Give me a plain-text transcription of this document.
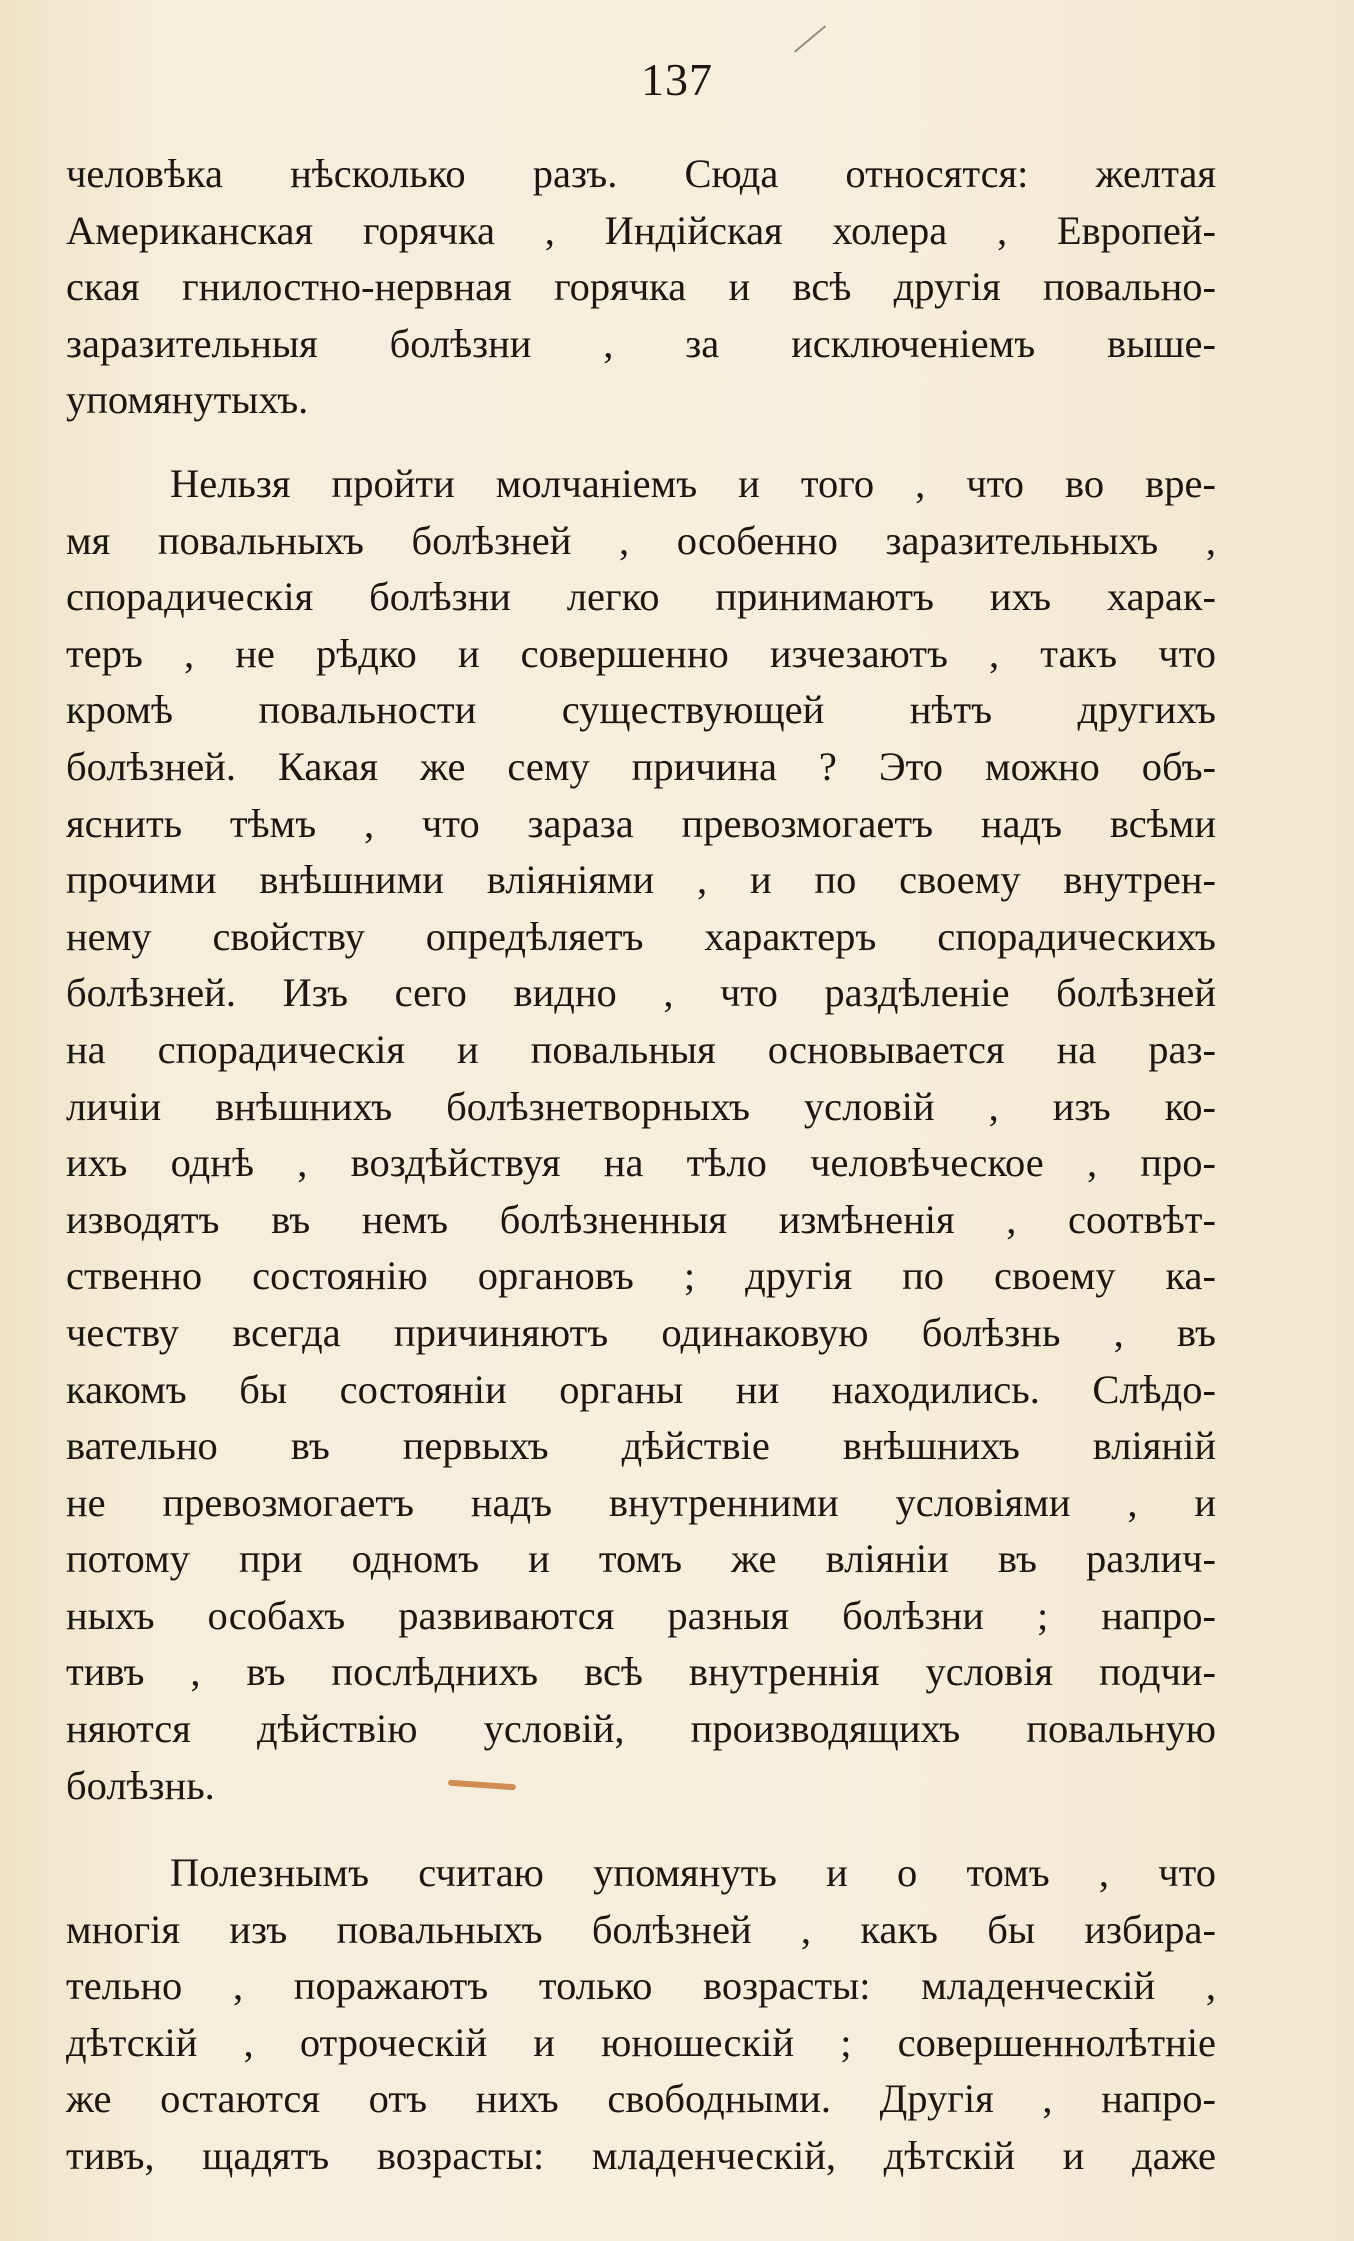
137
человѣка нѣсколько разъ. Сюда относятся: желтая
Американская горячка , Индійская холера , Европей-
ская гнилостно-нервная горячка и всѣ другія повально-
заразительныя болѣзни , за исключеніемъ выше-
упомянутыхъ.
Нельзя пройти молчаніемъ и того , что во вре-
мя повальныхъ болѣзней , особенно заразительныхъ ,
спорадическія болѣзни легко принимаютъ ихъ харак-
теръ , не рѣдко и совершенно изчезаютъ , такъ что
кромѣ повальности существующей нѣтъ другихъ
болѣзней. Какая же сему причина ? Это можно объ-
яснить тѣмъ , что зараза превозмогаетъ надъ всѣми
прочими внѣшними вліяніями , и по своему внутрен-
нему свойству опредѣляетъ характеръ спорадическихъ
болѣзней. Изъ сего видно , что раздѣленіе болѣзней
на спорадическія и повальныя основывается на раз-
личіи внѣшнихъ болѣзнетворныхъ условій , изъ ко-
ихъ однѣ , воздѣйствуя на тѣло человѣческое , про-
изводятъ въ немъ болѣзненныя измѣненія , соотвѣт-
ственно состоянію органовъ ; другія по своему ка-
честву всегда причиняютъ одинаковую болѣзнь , въ
какомъ бы состояніи органы ни находились. Слѣдо-
вательно въ первыхъ дѣйствіе внѣшнихъ вліяній
не превозмогаетъ надъ внутренними условіями , и
потому при одномъ и томъ же вліяніи въ различ-
ныхъ особахъ развиваются разныя болѣзни ; напро-
тивъ , въ послѣднихъ всѣ внутреннія условія подчи-
няются дѣйствію условій, производящихъ повальную
болѣзнь.
Полезнымъ считаю упомянуть и о томъ , что
многія изъ повальныхъ болѣзней , какъ бы избира-
тельно , поражаютъ только возрасты: младенческій ,
дѣтскій , отроческій и юношескій ; совершеннолѣтніе
же остаются отъ нихъ свободными. Другія , напро-
тивъ, щадятъ возрасты: младенческій, дѣтскій и даже
